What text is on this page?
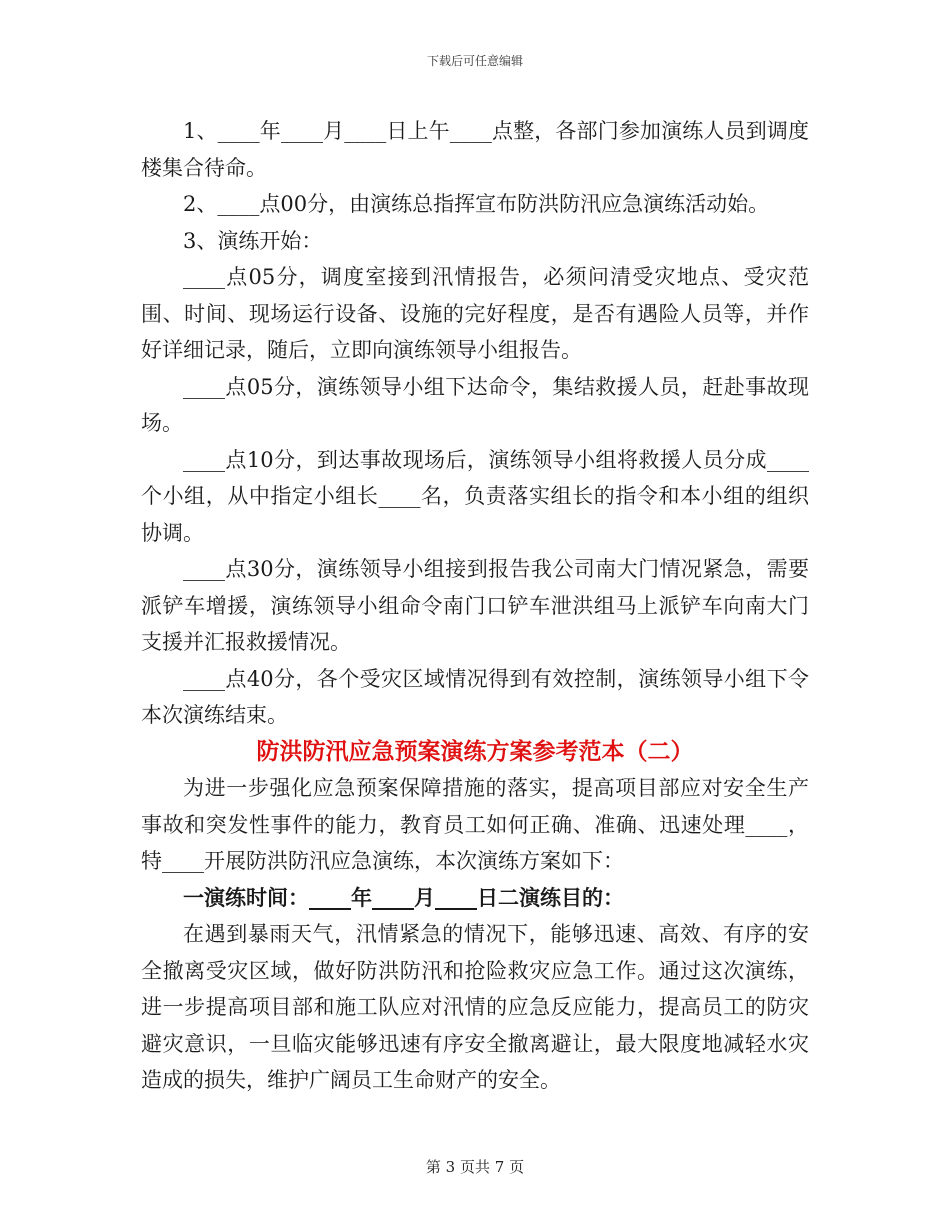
下载后可任意编辑

1、____年____月____日上午____点整，各部门参加演练人员到调度楼集合待命。

2、____点00分，由演练总指挥宣布防洪防汛应急演练活动始。

3、演练开始：

____点05分，调度室接到汛情报告，必须问清受灾地点、受灾范围、时间、现场运行设备、设施的完好程度，是否有遇险人员等，并作好详细记录，随后，立即向演练领导小组报告。

____点05分，演练领导小组下达命令，集结救援人员，赶赴事故现场。

____点10分，到达事故现场后，演练领导小组将救援人员分成____个小组，从中指定小组长____名，负责落实组长的指令和本小组的组织协调。

____点30分，演练领导小组接到报告我公司南大门情况紧急，需要派铲车增援，演练领导小组命令南门口铲车泄洪组马上派铲车向南大门支援并汇报救援情况。

____点40分，各个受灾区域情况得到有效控制，演练领导小组下令本次演练结束。

防洪防汛应急预案演练方案参考范本（二）

为进一步强化应急预案保障措施的落实，提高项目部应对安全生产事故和突发性事件的能力，教育员工如何正确、准确、迅速处理____，特____开展防洪防汛应急演练，本次演练方案如下：

一演练时间：____年____月____日二演练目的：

在遇到暴雨天气，汛情紧急的情况下，能够迅速、高效、有序的安全撤离受灾区域，做好防洪防汛和抢险救灾应急工作。通过这次演练，进一步提高项目部和施工队应对汛情的应急反应能力，提高员工的防灾避灾意识，一旦临灾能够迅速有序安全撤离避让，最大限度地减轻水灾造成的损失，维护广阔员工生命财产的安全。

第 3 页共 7 页
